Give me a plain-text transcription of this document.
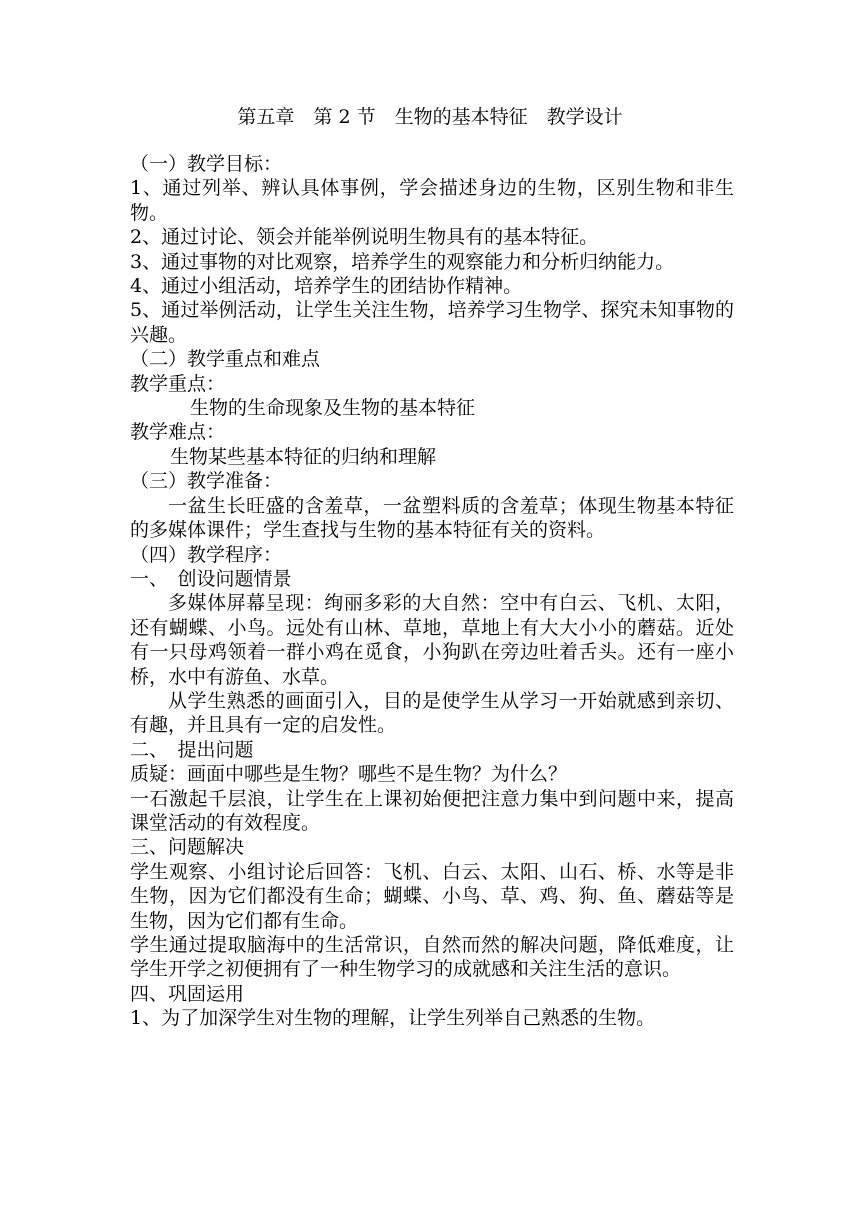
第五章　第 2 节　生物的基本特征　教学设计

（一）教学目标：

1、通过列举、辨认具体事例，学会描述身边的生物，区别生物和非生物。

2、通过讨论、领会并能举例说明生物具有的基本特征。

3、通过事物的对比观察，培养学生的观察能力和分析归纳能力。

4、通过小组活动，培养学生的团结协作精神。

5、通过举例活动，让学生关注生物，培养学习生物学、探究未知事物的兴趣。

（二）教学重点和难点

教学重点：

生物的生命现象及生物的基本特征

教学难点：

生物某些基本特征的归纳和理解

（三）教学准备：

一盆生长旺盛的含羞草，一盆塑料质的含羞草；体现生物基本特征的多媒体课件；学生查找与生物的基本特征有关的资料。

（四）教学程序：

一、　创设问题情景

多媒体屏幕呈现：绚丽多彩的大自然：空中有白云、飞机、太阳，还有蝴蝶、小鸟。远处有山林、草地，草地上有大大小小的蘑菇。近处有一只母鸡领着一群小鸡在觅食，小狗趴在旁边吐着舌头。还有一座小桥，水中有游鱼、水草。

从学生熟悉的画面引入，目的是使学生从学习一开始就感到亲切、有趣，并且具有一定的启发性。

二、　提出问题

质疑：画面中哪些是生物？哪些不是生物？为什么？

一石激起千层浪，让学生在上课初始便把注意力集中到问题中来，提高课堂活动的有效程度。

三、问题解决

学生观察、小组讨论后回答：飞机、白云、太阳、山石、桥、水等是非生物，因为它们都没有生命；蝴蝶、小鸟、草、鸡、狗、鱼、蘑菇等是生物，因为它们都有生命。

学生通过提取脑海中的生活常识，自然而然的解决问题，降低难度，让学生开学之初便拥有了一种生物学习的成就感和关注生活的意识。

四、巩固运用

1、为了加深学生对生物的理解，让学生列举自己熟悉的生物。
